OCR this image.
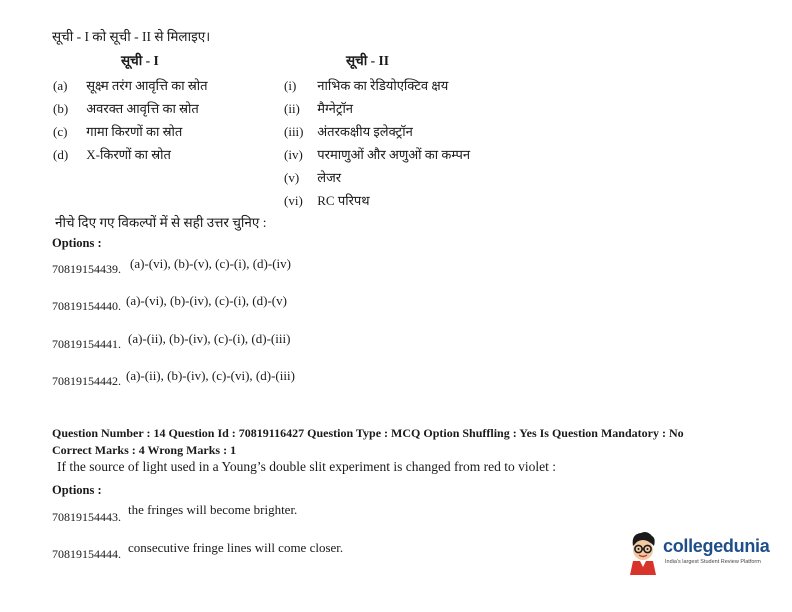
सूची - I को सूची - II से मिलाइए।
सूची - I	सूची - II
(a) सूक्ष्म तरंग आवृत्ति का स्रोत
(b) अवरक्त आवृत्ति का स्रोत
(c) गामा किरणों का स्रोत
(d) X-किरणों का स्रोत
(i) नाभिक का रेडियोएक्टिव क्षय
(ii) मैग्नेट्रॉन
(iii) अंतरकक्षीय इलेक्ट्रॉन
(iv) परमाणुओं और अणुओं का कम्पन
(v) लेजर
(vi) RC परिपथ
नीचे दिए गए विकल्पों में से सही उत्तर चुनिए :
Options :
70819154439. (a)-(vi), (b)-(v), (c)-(i), (d)-(iv)
70819154440. (a)-(vi), (b)-(iv), (c)-(i), (d)-(v)
70819154441. (a)-(ii), (b)-(iv), (c)-(i), (d)-(iii)
70819154442. (a)-(ii), (b)-(iv), (c)-(vi), (d)-(iii)
Question Number : 14 Question Id : 70819116427 Question Type : MCQ Option Shuffling : Yes Is Question Mandatory : No
Correct Marks : 4 Wrong Marks : 1
If the source of light used in a Young’s double slit experiment is changed from red to violet :
Options :
70819154443. the fringes will become brighter.
70819154444. consecutive fringe lines will come closer.	collegedunia
India's largest Student Review Platform
